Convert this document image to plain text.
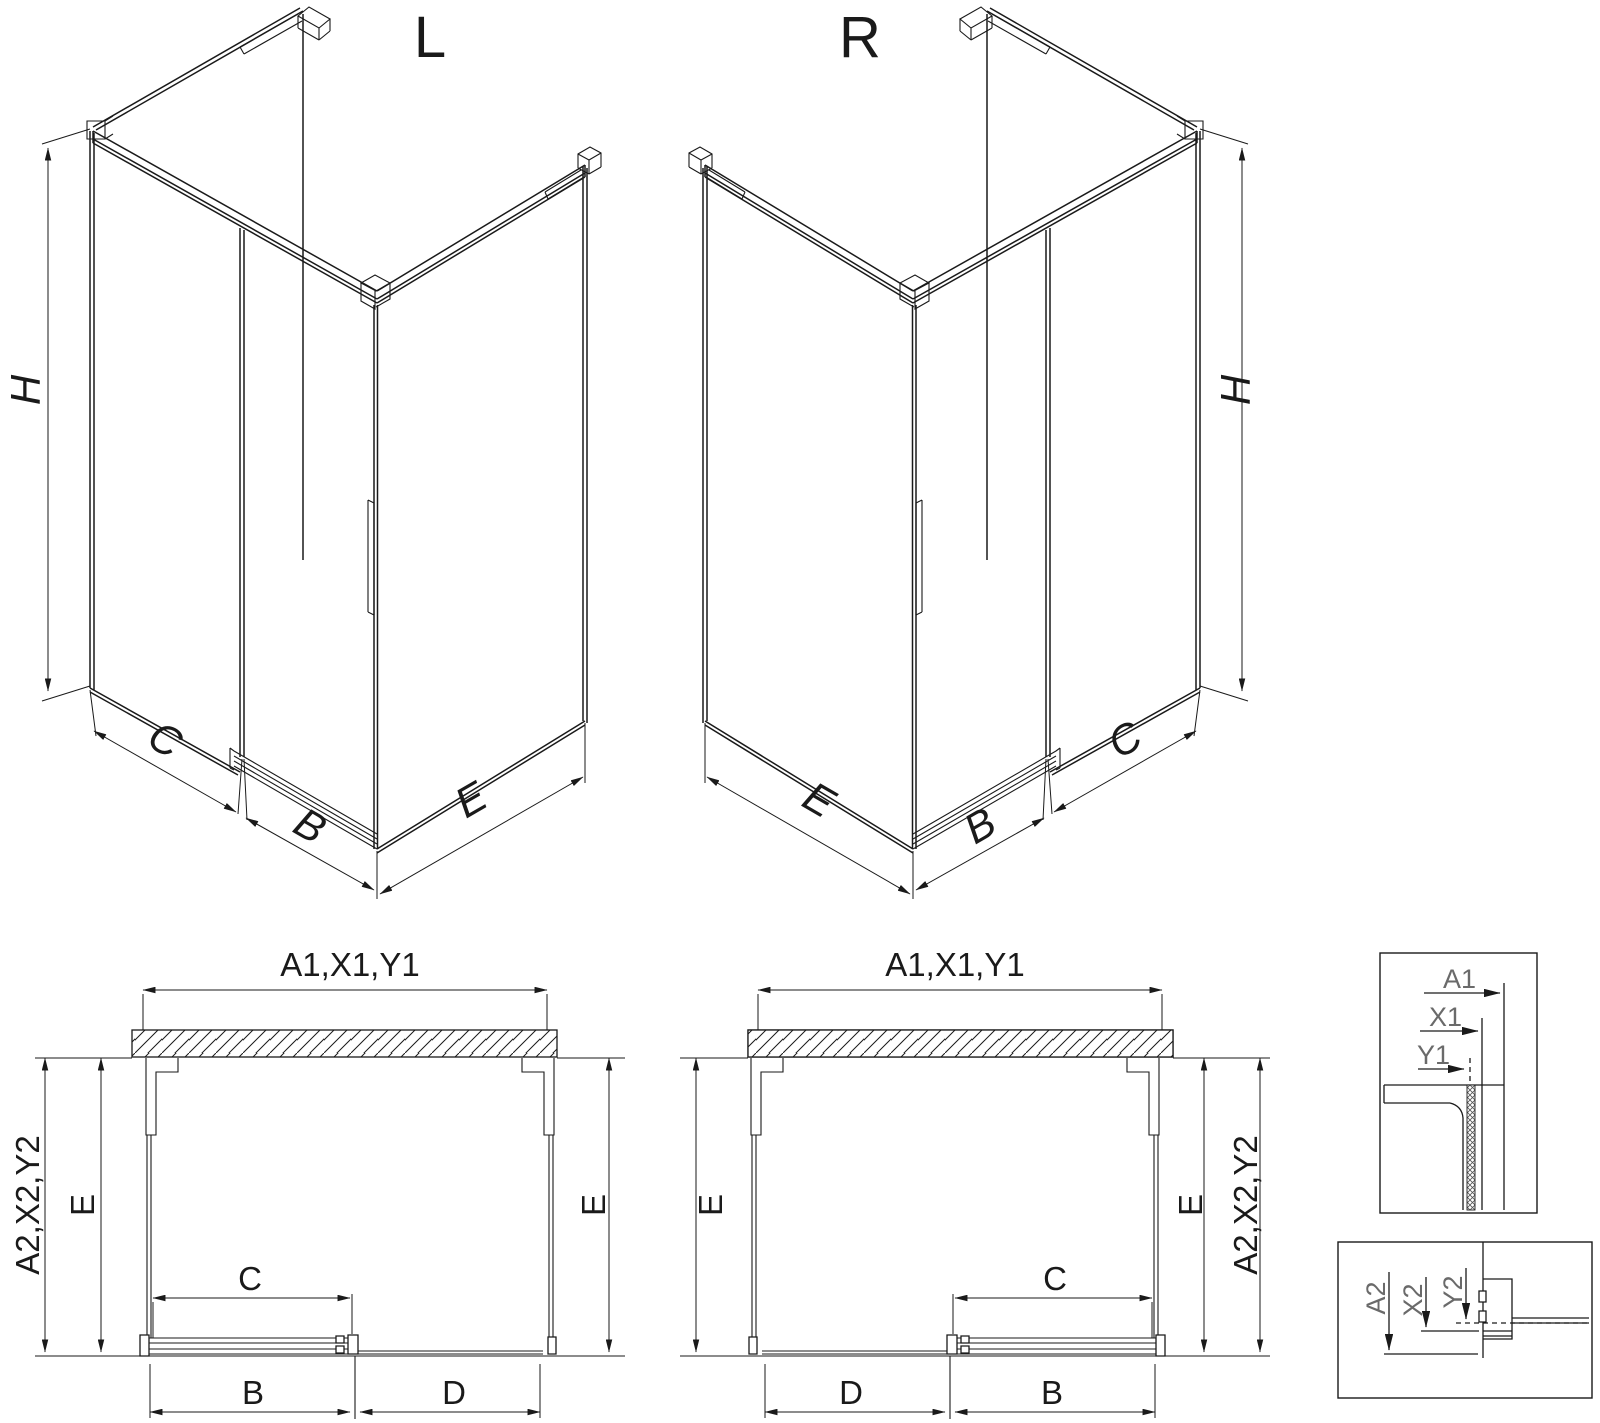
L
H
C
B	E
R
H
C
B
E
A1,X1,Y1
A2,X2,Y2 E	E
C
B	D
A1,X1,Y1
A2,X2,Y2
E	E
C
D	B
A1
X1
Y1
A2 X2 Y2
